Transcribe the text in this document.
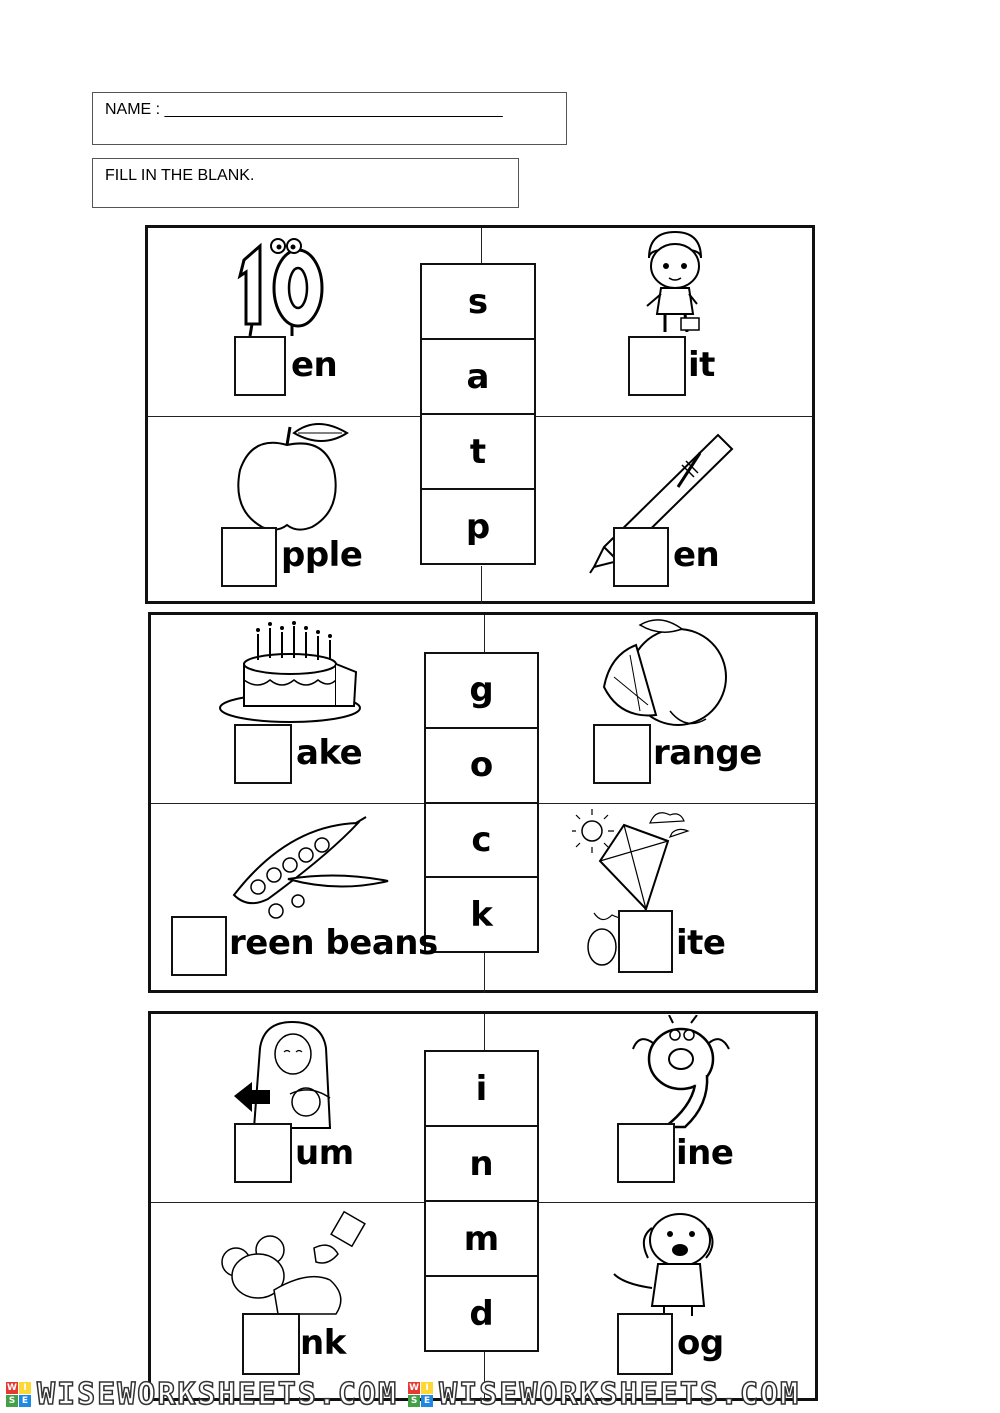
NAME : ______________________________________
FILL IN THE BLANK.
s
a
t
p
en	it
pple	en
g
o
c
k
ake	range
reen beans	ite
i
n
m
d
um	ine
nk	og
W I
S E WISEWORKSHEETS.COM W I
S E WISEWORKSHEETS.COM
